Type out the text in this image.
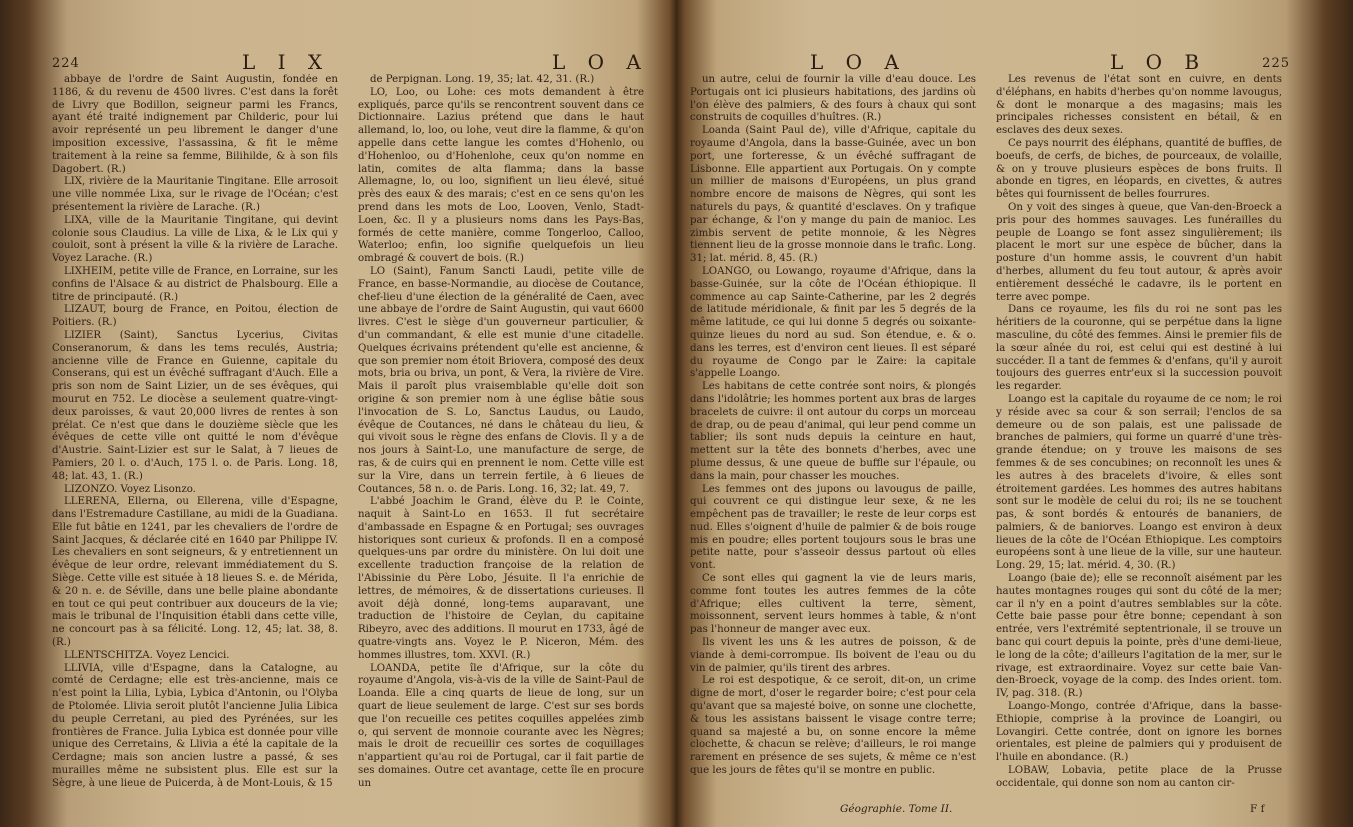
224	L I X	L O A

abbaye de l'ordre de Saint Augustin, fondée en 1186, & du revenu de 4500 livres. C'est dans la forêt de Livry que Bodillon, seigneur parmi les Francs, ayant été traité indignement par Childeric, pour lui avoir représenté un peu librement le danger d'une imposition excessive, l'assassina, & fit le même traitement à la reine sa femme, Bilihilde, & à son fils Dagobert. (R.)

LIX, rivière de la Mauritanie Tingitane. Elle arrosoit une ville nommée Lixa, sur le rivage de l'Océan; c'est présentement la rivière de Larache. (R.)

LIXA, ville de la Mauritanie Tingitane, qui devint colonie sous Claudius. La ville de Lixa, & le Lix qui y couloit, sont à présent la ville & la rivière de Larache. Voyez Larache. (R.)

LIXHEIM, petite ville de France, en Lorraine, sur les confins de l'Alsace & au district de Phalsbourg. Elle a titre de principauté. (R.)

LIZAUT, bourg de France, en Poitou, élection de Poitiers. (R.)

LIZIER (Saint), Sanctus Lycerius, Civitas Conseranorum, & dans les tems reculés, Austria; ancienne ville de France en Guienne, capitale du Conserans, qui est un évêché suffragant d'Auch. Elle a pris son nom de Saint Lizier, un de ses évêques, qui mourut en 752. Le diocèse a seulement quatre-vingt-deux paroisses, & vaut 20,000 livres de rentes à son prélat. Ce n'est que dans le douzième siècle que les évêques de cette ville ont quitté le nom d'évêque d'Austrie. Saint-Lizier est sur le Salat, à 7 lieues de Pamiers, 20 l. o. d'Auch, 175 l. o. de Paris. Long. 18, 48; lat. 43, 1. (R.)

LIZONZO. Voyez Lisonzo.

LLERENA, Ellerna, ou Ellerena, ville d'Espagne, dans l'Estremadure Castillane, au midi de la Guadiana. Elle fut bâtie en 1241, par les chevaliers de l'ordre de Saint Jacques, & déclarée cité en 1640 par Philippe IV. Les chevaliers en sont seigneurs, & y entretiennent un évêque de leur ordre, relevant immédiatement du S. Siège. Cette ville est située à 18 lieues S. e. de Mérida, & 20 n. e. de Séville, dans une belle plaine abondante en tout ce qui peut contribuer aux douceurs de la vie; mais le tribunal de l'Inquisition établi dans cette ville, ne concourt pas à sa félicité. Long. 12, 45; lat. 38, 8. (R.)

LLENTSCHITZA. Voyez Lencici.

LLIVIA, ville d'Espagne, dans la Catalogne, au comté de Cerdagne; elle est très-ancienne, mais ce n'est point la Lilia, Lybia, Lybica d'Antonin, ou l'Olyba de Ptolomée. Llivia seroit plutôt l'ancienne Julia Libica du peuple Cerretani, au pied des Pyrénées, sur les frontières de France. Julia Lybica est donnée pour ville unique des Cerretains, & Llivia a été la capitale de la Cerdagne; mais son ancien lustre a passé, & ses murailles même ne subsistent plus. Elle est sur la Sègre, à une lieue de Puicerda, à de Mont-Louis, & 15

de Perpignan. Long. 19, 35; lat. 42, 31. (R.)

LO, Loo, ou Lohe: ces mots demandent à être expliqués, parce qu'ils se rencontrent souvent dans ce Dictionnaire. Lazius prétend que dans le haut allemand, lo, loo, ou lohe, veut dire la flamme, & qu'on appelle dans cette langue les comtes d'Hohenlo, ou d'Hohenloo, ou d'Hohenlohe, ceux qu'on nomme en latin, comites de alta flamma; dans la basse Allemagne, lo, ou loo, signifient un lieu élevé, situé près des eaux & des marais; c'est en ce sens qu'on les prend dans les mots de Loo, Looven, Venlo, Stadt-Loen, &c. Il y a plusieurs noms dans les Pays-Bas, formés de cette manière, comme Tongerloo, Calloo, Waterloo; enfin, loo signifie quelquefois un lieu ombragé & couvert de bois. (R.)

LO (Saint), Fanum Sancti Laudi, petite ville de France, en basse-Normandie, au diocèse de Coutance, chef-lieu d'une élection de la généralité de Caen, avec une abbaye de l'ordre de Saint Augustin, qui vaut 6600 livres. C'est le siège d'un gouverneur particulier, & d'un commandant, & elle est munie d'une citadelle. Quelques écrivains prétendent qu'elle est ancienne, & que son premier nom étoit Briovera, composé des deux mots, bria ou briva, un pont, & Vera, la rivière de Vire. Mais il paroît plus vraisemblable qu'elle doit son origine & son premier nom à une église bâtie sous l'invocation de S. Lo, Sanctus Laudus, ou Laudo, évêque de Coutances, né dans le château du lieu, & qui vivoit sous le règne des enfans de Clovis. Il y a de nos jours à Saint-Lo, une manufacture de serge, de ras, & de cuirs qui en prennent le nom. Cette ville est sur la Vire, dans un terrein fertile, à 6 lieues de Coutances, 58 n. o. de Paris. Long. 16, 32; lat. 49, 7.

L'abbé Joachim le Grand, élève du P. le Cointe, naquit à Saint-Lo en 1653. Il fut secrétaire d'ambassade en Espagne & en Portugal; ses ouvrages historiques sont curieux & profonds. Il en a composé quelques-uns par ordre du ministère. On lui doit une excellente traduction françoise de la relation de l'Abissinie du Père Lobo, Jésuite. Il l'a enrichie de lettres, de mémoires, & de dissertations curieuses. Il avoit déjà donné, long-tems auparavant, une traduction de l'histoire de Ceylan, du capitaine Ribeyro, avec des additions. Il mourut en 1733, âgé de quatre-vingts ans. Voyez le P. Niceron, Mém. des hommes illustres, tom. XXVI. (R.)

LOANDA, petite île d'Afrique, sur la côte du royaume d'Angola, vis-à-vis de la ville de Saint-Paul de Loanda. Elle a cinq quarts de lieue de long, sur un quart de lieue seulement de large. C'est sur ses bords que l'on recueille ces petites coquilles appelées zimb o, qui servent de monnoie courante avec les Nègres; mais le droit de recueillir ces sortes de coquillages n'appartient qu'au roi de Portugal, car il fait partie de ses domaines. Outre cet avantage, cette île en procure un

L O A	L O B	225

un autre, celui de fournir la ville d'eau douce. Les Portugais ont ici plusieurs habitations, des jardins où l'on élève des palmiers, & des fours à chaux qui sont construits de coquilles d'huîtres. (R.)

Loanda (Saint Paul de), ville d'Afrique, capitale du royaume d'Angola, dans la basse-Guinée, avec un bon port, une forteresse, & un évêché suffragant de Lisbonne. Elle appartient aux Portugais. On y compte un millier de maisons d'Européens, un plus grand nombre encore de maisons de Nègres, qui sont les naturels du pays, & quantité d'esclaves. On y trafique par échange, & l'on y mange du pain de manioc. Les zimbis servent de petite monnoie, & les Nègres tiennent lieu de la grosse monnoie dans le trafic. Long. 31; lat. mérid. 8, 45. (R.)

LOANGO, ou Lowango, royaume d'Afrique, dans la basse-Guinée, sur la côte de l'Océan éthiopique. Il commence au cap Sainte-Catherine, par les 2 degrés de latitude méridionale, & finit par les 5 degrés de la même latitude, ce qui lui donne 5 degrés ou soixante-quinze lieues du nord au sud. Son étendue, e. & o. dans les terres, est d'environ cent lieues. Il est séparé du royaume de Congo par le Zaire: la capitale s'appelle Loango.

Les habitans de cette contrée sont noirs, & plongés dans l'idolâtrie; les hommes portent aux bras de larges bracelets de cuivre: il ont autour du corps un morceau de drap, ou de peau d'animal, qui leur pend comme un tablier; ils sont nuds depuis la ceinture en haut, mettent sur la tête des bonnets d'herbes, avec une plume dessus, & une queue de buffle sur l'épaule, ou dans la main, pour chasser les mouches.

Les femmes ont des jupons ou lavougus de paille, qui couvrent ce qui distingue leur sexe, & ne les empêchent pas de travailler; le reste de leur corps est nud. Elles s'oignent d'huile de palmier & de bois rouge mis en poudre; elles portent toujours sous le bras une petite natte, pour s'asseoir dessus partout où elles vont.

Ce sont elles qui gagnent la vie de leurs maris, comme font toutes les autres femmes de la côte d'Afrique; elles cultivent la terre, sèment, moissonnent, servent leurs hommes à table, & n'ont pas l'honneur de manger avec eux.

Ils vivent les uns & les autres de poisson, & de viande à demi-corrompue. Ils boivent de l'eau ou du vin de palmier, qu'ils tirent des arbres.

Le roi est despotique, & ce seroit, dit-on, un crime digne de mort, d'oser le regarder boire; c'est pour cela qu'avant que sa majesté boive, on sonne une clochette, & tous les assistans baissent le visage contre terre; quand sa majesté a bu, on sonne encore la même clochette, & chacun se relève; d'ailleurs, le roi mange rarement en présence de ses sujets, & même ce n'est que les jours de fêtes qu'il se montre en public.

Les revenus de l'état sont en cuivre, en dents d'éléphans, en habits d'herbes qu'on nomme lavougus, & dont le monarque a des magasins; mais les principales richesses consistent en bétail, & en esclaves des deux sexes.

Ce pays nourrit des éléphans, quantité de buffles, de boeufs, de cerfs, de biches, de pourceaux, de volaille, & on y trouve plusieurs espèces de bons fruits. Il abonde en tigres, en léopards, en civettes, & autres bêtes qui fournissent de belles fourrures.

On y voit des singes à queue, que Van-den-Broeck a pris pour des hommes sauvages. Les funérailles du peuple de Loango se font assez singulièrement; ils placent le mort sur une espèce de bûcher, dans la posture d'un homme assis, le couvrent d'un habit d'herbes, allument du feu tout autour, & après avoir entièrement desséché le cadavre, ils le portent en terre avec pompe.

Dans ce royaume, les fils du roi ne sont pas les héritiers de la couronne, qui se perpétue dans la ligne masculine, du côté des femmes. Ainsi le premier fils de la sœur aînée du roi, est celui qui est destiné à lui succéder. Il a tant de femmes & d'enfans, qu'il y auroit toujours des guerres entr'eux si la succession pouvoit les regarder.

Loango est la capitale du royaume de ce nom; le roi y réside avec sa cour & son serrail; l'enclos de sa demeure ou de son palais, est une palissade de branches de palmiers, qui forme un quarré d'une très-grande étendue; on y trouve les maisons de ses femmes & de ses concubines; on reconnoît les unes & les autres à des bracelets d'ivoire, & elles sont étroitement gardées. Les hommes des autres habitans sont sur le modèle de celui du roi; ils ne se touchent pas, & sont bordés & entourés de bananiers, de palmiers, & de baniorves. Loango est environ à deux lieues de la côte de l'Océan Ethiopique. Les comptoirs européens sont à une lieue de la ville, sur une hauteur. Long. 29, 15; lat. mérid. 4, 30. (R.)

Loango (baie de); elle se reconnoît aisément par les hautes montagnes rouges qui sont du côté de la mer; car il n'y en a point d'autres semblables sur la côte. Cette baie passe pour être bonne; cependant à son entrée, vers l'extrémité septentrionale, il se trouve un banc qui court depuis la pointe, près d'une demi-lieue, le long de la côte; d'ailleurs l'agitation de la mer, sur le rivage, est extraordinaire. Voyez sur cette baie Van-den-Broeck, voyage de la comp. des Indes orient. tom. IV, pag. 318. (R.)

Loango-Mongo, contrée d'Afrique, dans la basse-Ethiopie, comprise à la province de Loangiri, ou Lovangiri. Cette contrée, dont on ignore les bornes orientales, est pleine de palmiers qui y produisent de l'huile en abondance. (R.)

LOBAW, Lobavia, petite place de la Prusse occidentale, qui donne son nom au canton cir-

Géographie. Tome II.	F f
